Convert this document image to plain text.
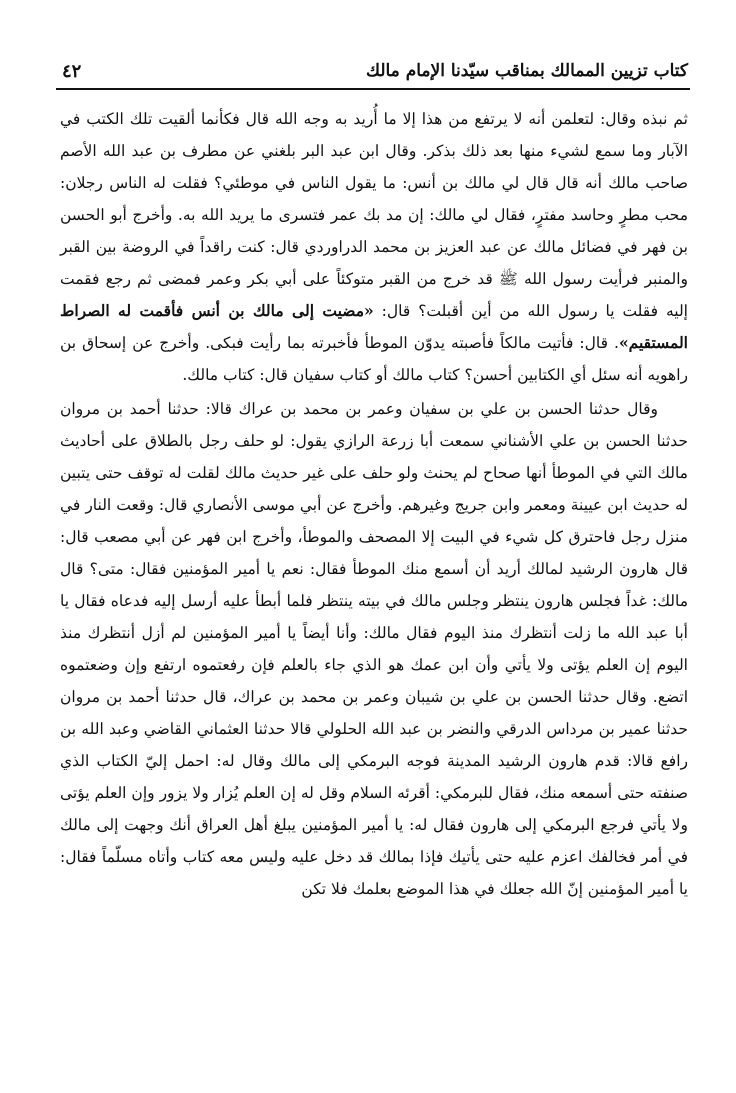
كتاب تزيين الممالك بمناقب سيّدنا الإمام مالك
٤٢

ثم نبذه وقال: لتعلمن أنه لا يرتفع من هذا إلا ما أُريد به وجه الله قال فكأنما ألقيت تلك الكتب في الآبار وما سمع لشيء منها بعد ذلك بذكر. وقال ابن عبد البر بلغني عن مطرف بن عبد الله الأصم صاحب مالك أنه قال قال لي مالك بن أنس: ما يقول الناس في موطئي؟ فقلت له الناس رجلان: محب مطرٍ وحاسد مفترٍ، فقال لي مالك: إن مد بك عمر فتسرى ما يريد الله به. وأخرج أبو الحسن بن فهر في فضائل مالك عن عبد العزيز بن محمد الدراوردي قال: كنت راقداً في الروضة بين القبر والمنبر فرأيت رسول الله ﷺ قد خرج من القبر متوكئاً على أبي بكر وعمر فمضى ثم رجع فقمت إليه فقلت يا رسول الله من أين أقبلت؟ قال: «مضيت إلى مالك بن أنس فأقمت له الصراط المستقيم». قال: فأتيت مالكاً فأصبته يدوّن الموطأ فأخبرته بما رأيت فبكى. وأخرج عن إسحاق بن راهويه أنه سئل أي الكتابين أحسن؟ كتاب مالك أو كتاب سفيان قال: كتاب مالك.

وقال حدثنا الحسن بن علي بن سفيان وعمر بن محمد بن عراك قالا: حدثنا أحمد بن مروان حدثنا الحسن بن علي الأشناني سمعت أبا زرعة الرازي يقول: لو حلف رجل بالطلاق على أحاديث مالك التي في الموطأ أنها صحاح لم يحنث ولو حلف على غير حديث مالك لقلت له توقف حتى يتبين له حديث ابن عيينة ومعمر وابن جريج وغيرهم. وأخرج عن أبي موسى الأنصاري قال: وقعت النار في منزل رجل فاحترق كل شيء في البيت إلا المصحف والموطأ، وأخرج ابن فهر عن أبي مصعب قال: قال هارون الرشيد لمالك أريد أن أسمع منك الموطأ فقال: نعم يا أمير المؤمنين فقال: متى؟ قال مالك: غداً فجلس هارون ينتظر وجلس مالك في بيته ينتظر فلما أبطأ عليه أرسل إليه فدعاه فقال يا أبا عبد الله ما زلت أنتظرك منذ اليوم فقال مالك: وأنا أيضاً يا أمير المؤمنين لم أزل أنتظرك منذ اليوم إن العلم يؤتى ولا يأتي وأن ابن عمك هو الذي جاء بالعلم فإن رفعتموه ارتفع وإن وضعتموه اتضع. وقال حدثنا الحسن بن علي بن شيبان وعمر بن محمد بن عراك، قال حدثنا أحمد بن مروان حدثنا عمير بن مرداس الدرقي والنضر بن عبد الله الحلولي قالا حدثنا العثماني القاضي وعبد الله بن رافع قالا: قدم هارون الرشيد المدينة فوجه البرمكي إلى مالك وقال له: احمل إليّ الكتاب الذي صنفته حتى أسمعه منك، فقال للبرمكي: أقرئه السلام وقل له إن العلم يُزار ولا يزور وإن العلم يؤتى ولا يأتي فرجع البرمكي إلى هارون فقال له: يا أمير المؤمنين يبلغ أهل العراق أنك وجهت إلى مالك في أمر فخالفك اعزم عليه حتى يأتيك فإذا بمالك قد دخل عليه وليس معه كتاب وأتاه مسلّماً فقال: يا أمير المؤمنين إنّ الله جعلك في هذا الموضع بعلمك فلا تكن
